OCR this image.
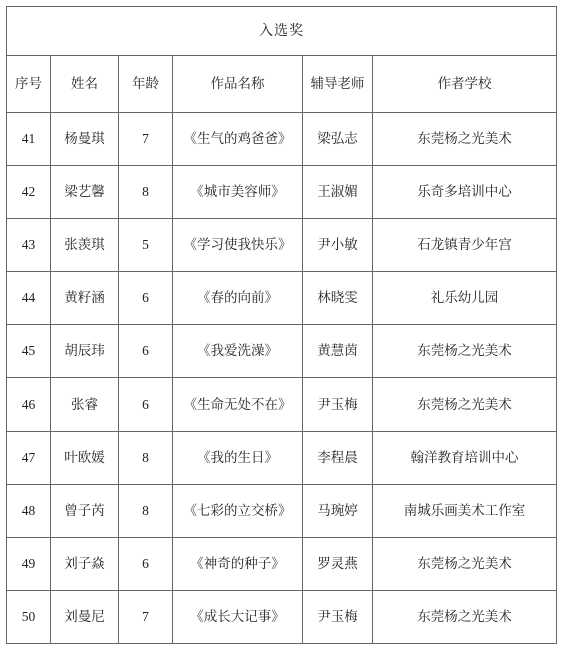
入选奖					
序号	姓名	年龄	作品名称	辅导老师	作者学校
41	杨曼琪	7	《生气的鸡爸爸》	梁弘志	东莞杨之光美术
42	梁艺馨	8	《城市美容师》	王淑媚	乐奇多培训中心
43	张羡琪	5	《学习使我快乐》	尹小敏	石龙镇青少年宫
44	黄籽涵	6	《春的向前》	林晓雯	礼乐幼儿园
45	胡辰玮	6	《我爱洗澡》	黄慧茵	东莞杨之光美术
46	张睿	6	《生命无处不在》	尹玉梅	东莞杨之光美术
47	叶欧媛	8	《我的生日》	李程晨	翰洋教育培训中心
48	曾子芮	8	《七彩的立交桥》	马琬婷	南城乐画美术工作室
49	刘子焱	6	《神奇的种子》	罗灵燕	东莞杨之光美术
50	刘曼尼	7	《成长大记事》	尹玉梅	东莞杨之光美术
